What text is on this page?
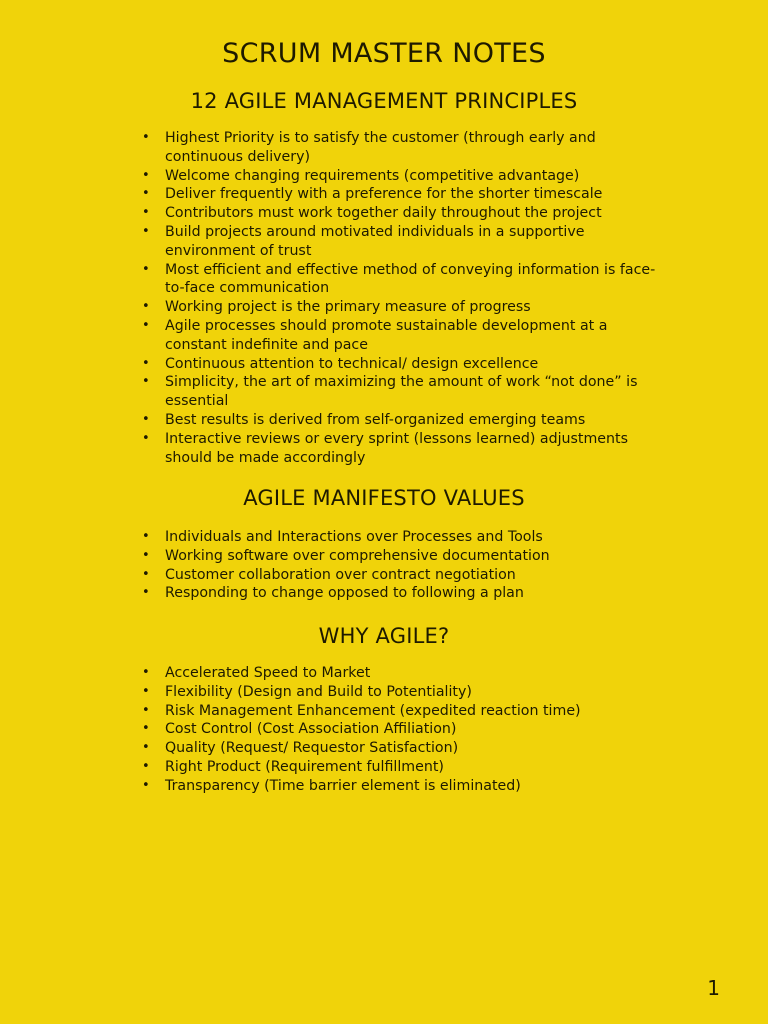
SCRUM MASTER NOTES
12 AGILE MANAGEMENT PRINCIPLES
• Highest Priority is to satisfy the customer (through early and continuous delivery)
• Welcome changing requirements (competitive advantage)
• Deliver frequently with a preference for the shorter timescale
• Contributors must work together daily throughout the project
• Build projects around motivated individuals in a supportive environment of trust
• Most efficient and effective method of conveying information is face-to-face communication
• Working project is the primary measure of progress
• Agile processes should promote sustainable development at a constant indefinite and pace
• Continuous attention to technical/ design excellence
• Simplicity, the art of maximizing the amount of work “not done” is essential
• Best results is derived from self-organized emerging teams
• Interactive reviews or every sprint (lessons learned) adjustments should be made accordingly
AGILE MANIFESTO VALUES
• Individuals and Interactions over Processes and Tools
• Working software over comprehensive documentation
• Customer collaboration over contract negotiation
• Responding to change opposed to following a plan
WHY AGILE?
• Accelerated Speed to Market
• Flexibility (Design and Build to Potentiality)
• Risk Management Enhancement (expedited reaction time)
• Cost Control (Cost Association Affiliation)
• Quality (Request/ Requestor Satisfaction)
• Right Product (Requirement fulfillment)
• Transparency (Time barrier element is eliminated)
1
